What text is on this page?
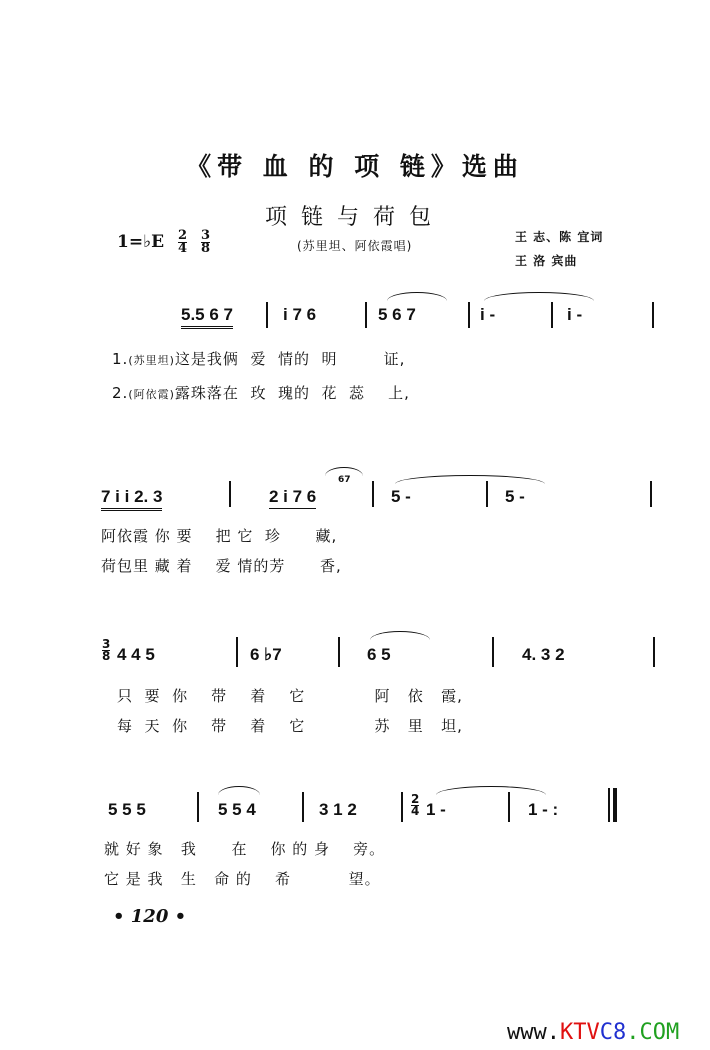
《带 血 的 项 链》选曲
项链与荷包
1=♭E $\frac{2}{4}$
$\frac{3}{8}$	(苏里坦、阿依霞唱)
王 志、陈 宜词
王 洛 宾曲
5.5 6 7	i 7 6	5 6 7	i -	i -
1.(苏里坦)这是我俩  爱  情的  明        证,
2.(阿依霞)露珠落在  玫  瑰的  花  蕊    上,
67
7 i i 2. 3	2 i 7 6	5 -	5 -
阿依霞 你 要    把 它  珍      藏,
荷包里 藏 着    爱 情的芳      香,
3
8 4 4 5	6 ♭7	6 5	4. 3 2
只  要  你    带    着    它            阿   依   霞,
每  天  你    带    着    它            苏   里   坦,
5 5 5	5 5 4	3 1 2
2
4 1 -	1 - :
就 好 象   我      在    你 的 身    旁。
它 是 我   生   命 的    希          望。
• 120 •
www.KTVC8.COM
